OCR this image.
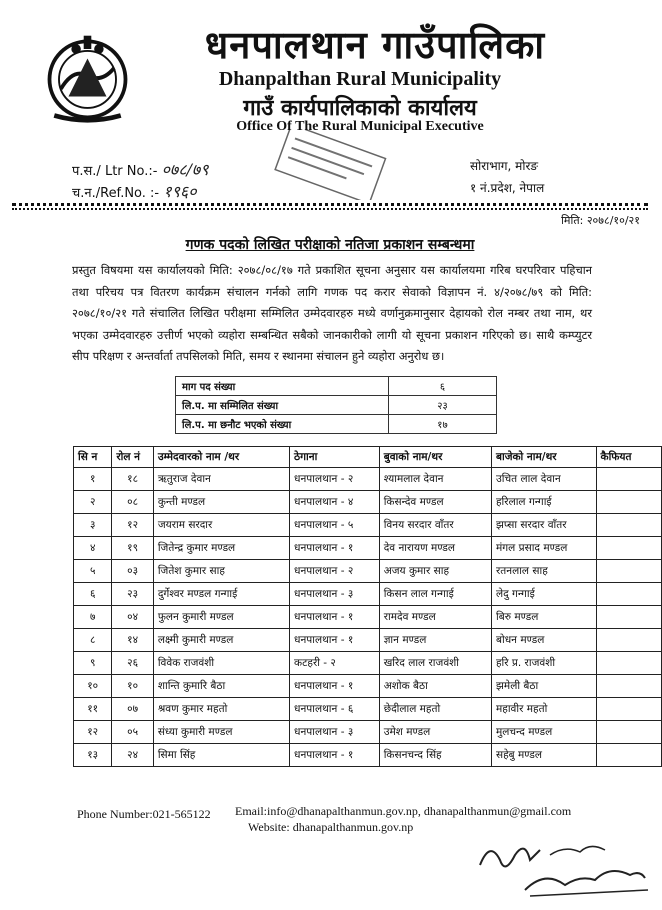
धनपालथान गाउँपालिका
Dhanpalthan Rural Municipality
गाउँ कार्यपालिकाको कार्यालय
Office Of The Rural Municipal Executive
प.स./ Ltr No.:- ०७८/७९
च.न./Ref.No. :- १९६०
सोराभाग, मोरङ
१ नं.प्रदेश, नेपाल
मिति: २०७८/१०/२१
गणक पदको लिखित परीक्षाको नतिजा प्रकाशन सम्बन्धमा
प्रस्तुत विषयमा यस कार्यालयको मिति: २०७८/०८/१७ गते प्रकाशित सूचना अनुसार यस कार्यालयमा गरिब घरपरिवार पहिचान तथा परिचय पत्र वितरण कार्यक्रम संचालन गर्नको लागि गणक पद करार सेवाको विज्ञापन नं. ४/२०७८/७९ को मिति: २०७८/१०/२१ गते संचालित लिखित परीक्षमा सम्मिलित उम्मेदवारहरु मध्ये वर्णानुक्रमानुसार देहायको रोल नम्बर तथा नाम, थर भएका उम्मेदवारहरु उत्तीर्ण भएको व्यहोरा सम्बन्धित सबैको जानकारीको लागी यो सूचना प्रकाशन गरिएको छ। साथै कम्प्युटर सीप परिक्षण र अन्तर्वार्ता तपसिलको मिति, समय र स्थानमा संचालन हुने व्यहोरा अनुरोध छ।
माग पद संख्या	६
लि.प. मा सम्मिलित संख्या	२३
लि.प. मा छनौट भएको संख्या	१७
सि न	रोल नं	उम्मेदवारको नाम /थर	ठेगाना	बुवाको नाम/थर	बाजेको नाम/थर	कैफियत
१	१८	ऋतुराज देवान	धनपालथान - २	श्यामलाल देवान	उचित लाल देवान	
२	०८	कुन्ती मण्डल	धनपालथान - ४	किसन्देव मण्डल	हरिलाल गन्गाई	
३	१२	जयराम सरदार	धनपालथान - ५	विनय सरदार वाँतर	झप्सा सरदार वाँतर	
४	१९	जितेन्द्र कुमार मण्डल	धनपालथान - १	देव नारायण मण्डल	मंगल प्रसाद मण्डल	
५	०३	जितेश कुमार साह	धनपालथान - २	अजय कुमार साह	रतनलाल साह	
६	२३	दुर्गेश्वर मण्डल गन्गाई	धनपालथान - ३	किसन लाल गन्गाई	लेदु गन्गाई	
७	०४	फुलन कुमारी मण्डल	धनपालथान - १	रामदेव मण्डल	बिरु मण्डल	
८	१४	लक्ष्मी कुमारी मण्डल	धनपालथान - १	ज्ञान मण्डल	बोधन मण्डल	
९	२६	विवेक राजवंशी	कटहरी - २	खरिद लाल राजवंशी	हरि प्र. राजवंशी	
१०	१०	शान्ति कुमारि बैठा	धनपालथान - १	अशोक बैठा	झमेली बैठा	
११	०७	श्रवण कुमार महतो	धनपालथान - ६	छेदीलाल महतो	महावीर महतो	
१२	०५	संध्या कुमारी मण्डल	धनपालथान - ३	उमेश मण्डल	मुलचन्द मण्डल	
१३	२४	सिमा सिंह	धनपालथान - १	किसनचन्द सिंह	सहेबु मण्डल	
Phone Number:021-565122 Email:info@dhanapalthanmun.gov.np, dhanapalthanmun@gmail.com
Website: dhanapalthanmun.gov.np
